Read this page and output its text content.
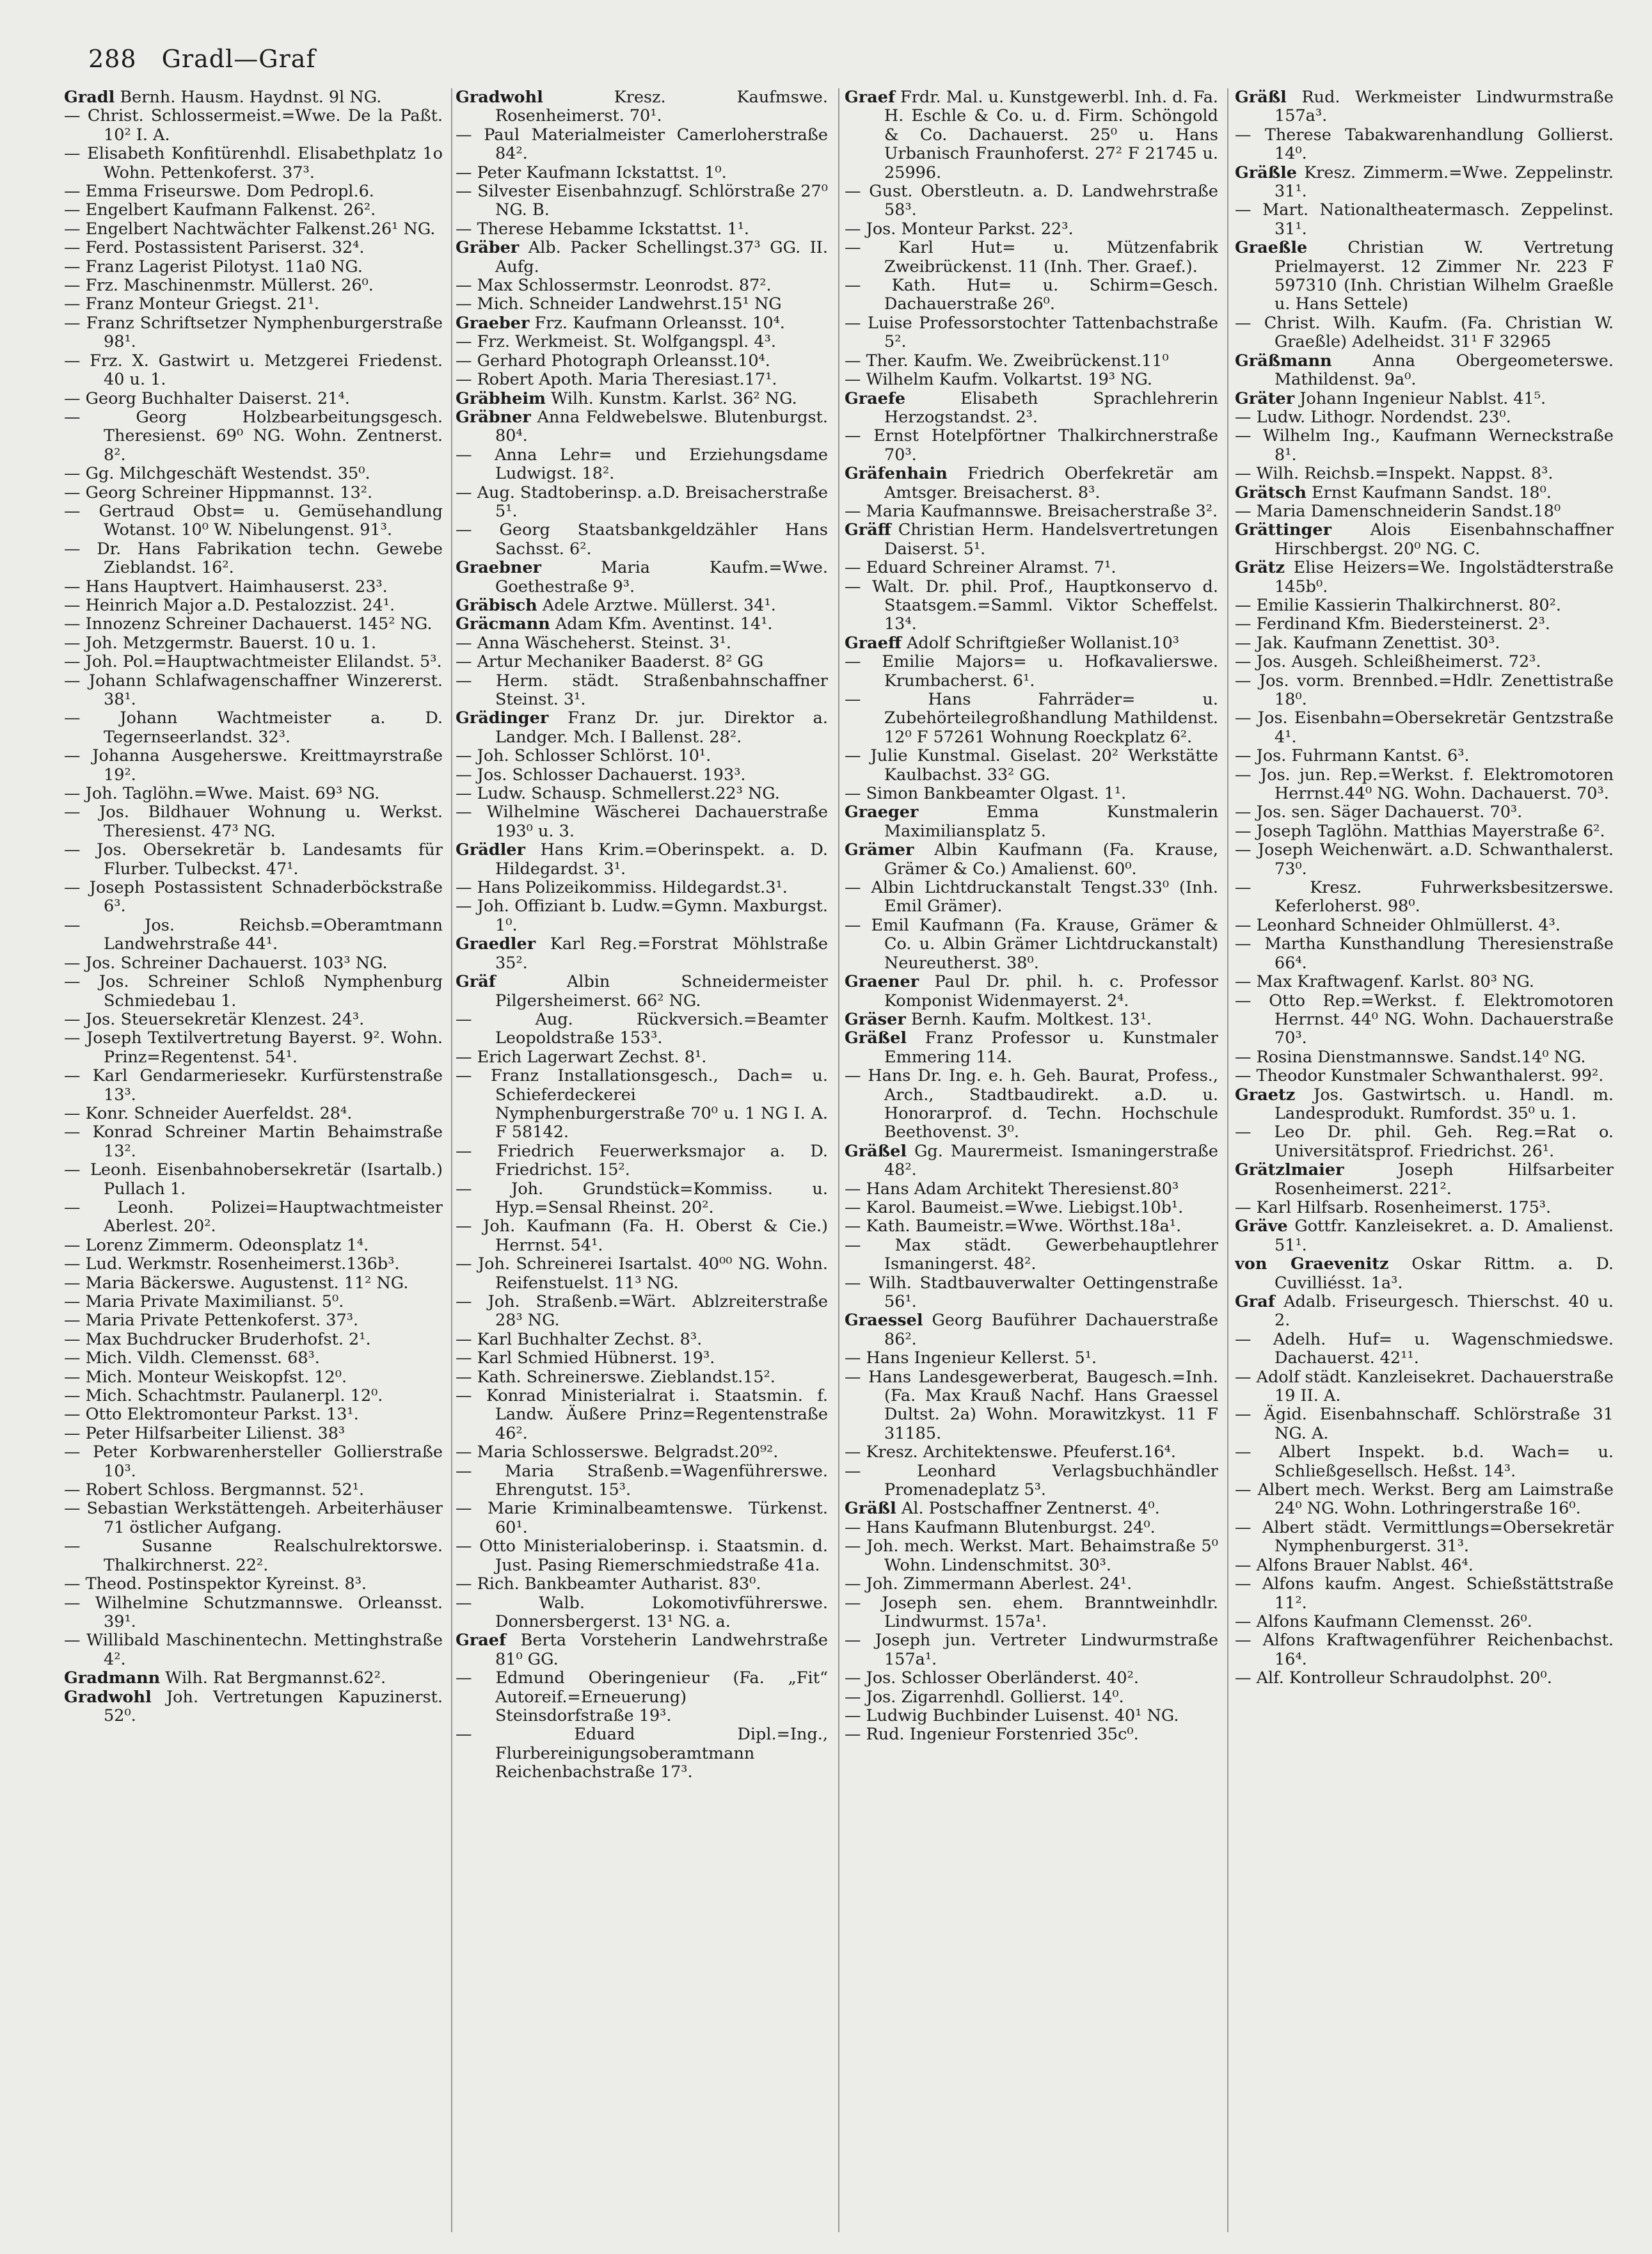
288 Gradl—Graf
Gradl Bernh. Hausm. Haydnst. 9l NG.
— Christ. Schlossermeist.=Wwe. De la Paßt. 10² I. A.
— Elisabeth Konfitürenhdl. Elisabethplatz 1o Wohn. Pettenkoferst. 37³.
— Emma Friseurswe. Dom Pedropl.6.
— Engelbert Kaufmann Falkenst. 26².
— Engelbert Nachtwächter Falkenst.26¹ NG.
— Ferd. Postassistent Pariserst. 32⁴.
— Franz Lagerist Pilotyst. 11a0 NG.
— Frz. Maschinenmstr. Müllerst. 26⁰.
— Franz Monteur Griegst. 21¹.
— Franz Schriftsetzer Nymphenburgerstraße 98¹.
— Frz. X. Gastwirt u. Metzgerei Friedenst. 40 u. 1.
— Georg Buchhalter Daiserst. 21⁴.
— Georg Holzbearbeitungsgesch. Theresienst. 69⁰ NG. Wohn. Zentnerst. 8².
— Gg. Milchgeschäft Westendst. 35⁰.
— Georg Schreiner Hippmannst. 13².
— Gertraud Obst= u. Gemüsehandlung Wotanst. 10⁰ W. Nibelungenst. 91³.
— Dr. Hans Fabrikation techn. Gewebe Zieblandst. 16².
— Hans Hauptvert. Haimhauserst. 23³.
— Heinrich Major a.D. Pestalozzist. 24¹.
— Innozenz Schreiner Dachauerst. 145² NG.
— Joh. Metzgermstr. Bauerst. 10 u. 1.
— Joh. Pol.=Hauptwachtmeister Elilandst. 5³.
— Johann Schlafwagenschaffner Winzererst. 38¹.
— Johann Wachtmeister a. D. Tegernseerlandst. 32³.
— Johanna Ausgeherswe. Kreittmayrstraße 19².
— Joh. Taglöhn.=Wwe. Maist. 69³ NG.
— Jos. Bildhauer Wohnung u. Werkst. Theresienst. 47³ NG.
— Jos. Obersekretär b. Landesamts für Flurber. Tulbeckst. 47¹.
— Joseph Postassistent Schnaderböckstraße 6³.
— Jos. Reichsb.=Oberamtmann Landwehrstraße 44¹.
— Jos. Schreiner Dachauerst. 103³ NG.
— Jos. Schreiner Schloß Nymphenburg Schmiedebau 1.
— Jos. Steuersekretär Klenzest. 24³.
— Joseph Textilvertretung Bayerst. 9². Wohn. Prinz=Regentenst. 54¹.
— Karl Gendarmeriesekr. Kurfürstenstraße 13³.
— Konr. Schneider Auerfeldst. 28⁴.
— Konrad Schreiner Martin Behaimstraße 13².
— Leonh. Eisenbahnobersekretär (Isartalb.) Pullach 1.
— Leonh. Polizei=Hauptwachtmeister Aberlest. 20².
— Lorenz Zimmerm. Odeonsplatz 1⁴.
— Lud. Werkmstr. Rosenheimerst.136b³.
— Maria Bäckerswe. Augustenst. 11² NG.
— Maria Private Maximilianst. 5⁰.
— Maria Private Pettenkoferst. 37³.
— Max Buchdrucker Bruderhofst. 2¹.
— Mich. Vildh. Clemensst. 68³.
— Mich. Monteur Weiskopfst. 12⁰.
— Mich. Schachtmstr. Paulanerpl. 12⁰.
— Otto Elektromonteur Parkst. 13¹.
— Peter Hilfsarbeiter Lilienst. 38³
— Peter Korbwarenhersteller Gollierstraße 10³.
— Robert Schloss. Bergmannst. 52¹.
— Sebastian Werkstättengeh. Arbeiterhäuser 71 östlicher Aufgang.
— Susanne Realschulrektorswe. Thalkirchnerst. 22².
— Theod. Postinspektor Kyreinst. 8³.
— Wilhelmine Schutzmannswe. Orleansst. 39¹.
— Willibald Maschinentechn. Mettinghstraße 4².
Gradmann Wilh. Rat Bergmannst.62².
Gradwohl Joh. Vertretungen Kapuzinerst. 52⁰.
Gradwohl Kresz. Kaufmswe. Rosenheimerst. 70¹.
— Paul Materialmeister Camerloherstraße 84².
— Peter Kaufmann Ickstattst. 1⁰.
— Silvester Eisenbahnzugf. Schlörstraße 27⁰ NG. B.
— Therese Hebamme Ickstattst. 1¹.
Gräber Alb. Packer Schellingst.37³ GG. II. Aufg.
— Max Schlossermstr. Leonrodst. 87².
— Mich. Schneider Landwehrst.15¹ NG
Graeber Frz. Kaufmann Orleansst. 10⁴.
— Frz. Werkmeist. St. Wolfgangspl. 4³.
— Gerhard Photograph Orleansst.10⁴.
— Robert Apoth. Maria Theresiast.17¹.
Gräbheim Wilh. Kunstm. Karlst. 36² NG.
Gräbner Anna Feldwebelswe. Blutenburgst. 80⁴.
— Anna Lehr= und Erziehungsdame Ludwigst. 18².
— Aug. Stadtoberinsp. a.D. Breisacherstraße 5¹.
— Georg Staatsbankgeldzähler Hans Sachsst. 6².
Graebner Maria Kaufm.=Wwe. Goethestraße 9³.
Gräbisch Adele Arztwe. Müllerst. 34¹.
Gräcmann Adam Kfm. Aventinst. 14¹.
— Anna Wäscheherst. Steinst. 3¹.
— Artur Mechaniker Baaderst. 8² GG
— Herm. städt. Straßenbahnschaffner Steinst. 3¹.
Grädinger Franz Dr. jur. Direktor a. Landger. Mch. I Ballenst. 28².
— Joh. Schlosser Schlörst. 10¹.
— Jos. Schlosser Dachauerst. 193³.
— Ludw. Schausp. Schmellerst.22³ NG.
— Wilhelmine Wäscherei Dachauerstraße 193⁰ u. 3.
Grädler Hans Krim.=Oberinspekt. a. D. Hildegardst. 3¹.
— Hans Polizeikommiss. Hildegardst.3¹.
— Joh. Offiziant b. Ludw.=Gymn. Maxburgst. 1⁰.
Graedler Karl Reg.=Forstrat Möhlstraße 35².
Gräf Albin Schneidermeister Pilgersheimerst. 66² NG.
— Aug. Rückversich.=Beamter Leopoldstraße 153³.
— Erich Lagerwart Zechst. 8¹.
— Franz Installationsgesch., Dach= u. Schieferdeckerei Nymphenburgerstraße 70⁰ u. 1 NG I. A. F 58142.
— Friedrich Feuerwerksmajor a. D. Friedrichst. 15².
— Joh. Grundstück=Kommiss. u. Hyp.=Sensal Rheinst. 20².
— Joh. Kaufmann (Fa. H. Oberst & Cie.) Herrnst. 54¹.
— Joh. Schreinerei Isartalst. 40⁰⁰ NG. Wohn. Reifenstuelst. 11³ NG.
— Joh. Straßenb.=Wärt. Ablzreiterstraße 28³ NG.
— Karl Buchhalter Zechst. 8³.
— Karl Schmied Hübnerst. 19³.
— Kath. Schreinerswe. Zieblandst.15².
— Konrad Ministerialrat i. Staatsmin. f. Landw. Äußere Prinz=Regentenstraße 46².
— Maria Schlosserswe. Belgradst.20⁹².
— Maria Straßenb.=Wagenführerswe. Ehrengutst. 15³.
— Marie Kriminalbeamtenswe. Türkenst. 60¹.
— Otto Ministerialoberinsp. i. Staatsmin. d. Just. Pasing Riemerschmiedstraße 41a.
— Rich. Bankbeamter Autharist. 83⁰.
— Walb. Lokomotivführerswe. Donnersbergerst. 13¹ NG. a.
Graef Berta Vorsteherin Landwehrstraße 81⁰ GG.
— Edmund Oberingenieur (Fa. „Fit“ Autoreif.=Erneuerung) Steinsdorfstraße 19³.
— Eduard Dipl.=Ing., Flurbereinigungsoberamtmann Reichenbachstraße 17³.
Graef Frdr. Mal. u. Kunstgewerbl. Inh. d. Fa. H. Eschle & Co. u. d. Firm. Schöngold & Co. Dachauerst. 25⁰ u. Hans Urbanisch Fraunhoferst. 27² F 21745 u. 25996.
— Gust. Oberstleutn. a. D. Landwehrstraße 58³.
— Jos. Monteur Parkst. 22³.
— Karl Hut= u. Mützenfabrik Zweibrückenst. 11 (Inh. Ther. Graef.).
— Kath. Hut= u. Schirm=Gesch. Dachauerstraße 26⁰.
— Luise Professorstochter Tattenbachstraße 5².
— Ther. Kaufm. We. Zweibrückenst.11⁰
— Wilhelm Kaufm. Volkartst. 19³ NG.
Graefe Elisabeth Sprachlehrerin Herzogstandst. 2³.
— Ernst Hotelpförtner Thalkirchnerstraße 70³.
Gräfenhain Friedrich Oberfekretär am Amtsger. Breisacherst. 8³.
— Maria Kaufmannswe. Breisacherstraße 3².
Gräff Christian Herm. Handelsvertretungen Daiserst. 5¹.
— Eduard Schreiner Alramst. 7¹.
— Walt. Dr. phil. Prof., Hauptkonservo d. Staatsgem.=Samml. Viktor Scheffelst. 13⁴.
Graeff Adolf Schriftgießer Wollanist.10³
— Emilie Majors= u. Hofkavalierswe. Krumbacherst. 6¹.
— Hans Fahrräder= u. Zubehörteilegroßhandlung Mathildenst. 12⁰ F 57261 Wohnung Roeckplatz 6².
— Julie Kunstmal. Giselast. 20² Werkstätte Kaulbachst. 33² GG.
— Simon Bankbeamter Olgast. 1¹.
Graeger Emma Kunstmalerin Maximiliansplatz 5.
Grämer Albin Kaufmann (Fa. Krause, Grämer & Co.) Amalienst. 60⁰.
— Albin Lichtdruckanstalt Tengst.33⁰ (Inh. Emil Grämer).
— Emil Kaufmann (Fa. Krause, Grämer & Co. u. Albin Grämer Lichtdruckanstalt) Neureutherst. 38⁰.
Graener Paul Dr. phil. h. c. Professor Komponist Widenmayerst. 2⁴.
Gräser Bernh. Kaufm. Moltkest. 13¹.
Gräßel Franz Professor u. Kunstmaler Emmering 114.
— Hans Dr. Ing. e. h. Geh. Baurat, Profess., Arch., Stadtbaudirekt. a.D. u. Honorarprof. d. Techn. Hochschule Beethovenst. 3⁰.
Gräßel Gg. Maurermeist. Ismaningerstraße 48².
— Hans Adam Architekt Theresienst.80³
— Karol. Baumeist.=Wwe. Liebigst.10b¹.
— Kath. Baumeistr.=Wwe. Wörthst.18a¹.
— Max städt. Gewerbehauptlehrer Ismaningerst. 48².
— Wilh. Stadtbauverwalter Oettingenstraße 56¹.
Graessel Georg Bauführer Dachauerstraße 86².
— Hans Ingenieur Kellerst. 5¹.
— Hans Landesgewerberat, Baugesch.=Inh. (Fa. Max Krauß Nachf. Hans Graessel Dultst. 2a) Wohn. Morawitzkyst. 11 F 31185.
— Kresz. Architektenswe. Pfeuferst.16⁴.
— Leonhard Verlagsbuchhändler Promenadeplatz 5³.
Gräßl Al. Postschaffner Zentnerst. 4⁰.
— Hans Kaufmann Blutenburgst. 24⁰.
— Joh. mech. Werkst. Mart. Behaimstraße 5⁰ Wohn. Lindenschmitst. 30³.
— Joh. Zimmermann Aberlest. 24¹.
— Joseph sen. ehem. Branntweinhdlr. Lindwurmst. 157a¹.
— Joseph jun. Vertreter Lindwurmstraße 157a¹.
— Jos. Schlosser Oberländerst. 40².
— Jos. Zigarrenhdl. Gollierst. 14⁰.
— Ludwig Buchbinder Luisenst. 40¹ NG.
— Rud. Ingenieur Forstenried 35c⁰.
Gräßl Rud. Werkmeister Lindwurmstraße 157a³.
— Therese Tabakwarenhandlung Gollierst. 14⁰.
Gräßle Kresz. Zimmerm.=Wwe. Zeppelinstr. 31¹.
— Mart. Nationaltheatermasch. Zeppelinst. 31¹.
Graeßle Christian W. Vertretung Prielmayerst. 12 Zimmer Nr. 223 F 597310 (Inh. Christian Wilhelm Graeßle u. Hans Settele)
— Christ. Wilh. Kaufm. (Fa. Christian W. Graeßle) Adelheidst. 31¹ F 32965
Gräßmann Anna Obergeometerswe. Mathildenst. 9a⁰.
Gräter Johann Ingenieur Nablst. 41⁵.
— Ludw. Lithogr. Nordendst. 23⁰.
— Wilhelm Ing., Kaufmann Werneckstraße 8¹.
— Wilh. Reichsb.=Inspekt. Nappst. 8³.
Grätsch Ernst Kaufmann Sandst. 18⁰.
— Maria Damenschneiderin Sandst.18⁰
Grättinger Alois Eisenbahnschaffner Hirschbergst. 20⁰ NG. C.
Grätz Elise Heizers=We. Ingolstädterstraße 145b⁰.
— Emilie Kassierin Thalkirchnerst. 80².
— Ferdinand Kfm. Biedersteinerst. 2³.
— Jak. Kaufmann Zenettist. 30³.
— Jos. Ausgeh. Schleißheimerst. 72³.
— Jos. vorm. Brennbed.=Hdlr. Zenettistraße 18⁰.
— Jos. Eisenbahn=Obersekretär Gentzstraße 4¹.
— Jos. Fuhrmann Kantst. 6³.
— Jos. jun. Rep.=Werkst. f. Elektromotoren Herrnst.44⁰ NG. Wohn. Dachauerst. 70³.
— Jos. sen. Säger Dachauerst. 70³.
— Joseph Taglöhn. Matthias Mayerstraße 6².
— Joseph Weichenwärt. a.D. Schwanthalerst. 73⁰.
— Kresz. Fuhrwerksbesitzerswe. Keferloherst. 98⁰.
— Leonhard Schneider Ohlmüllerst. 4³.
— Martha Kunsthandlung Theresienstraße 66⁴.
— Max Kraftwagenf. Karlst. 80³ NG.
— Otto Rep.=Werkst. f. Elektromotoren Herrnst. 44⁰ NG. Wohn. Dachauerstraße 70³.
— Rosina Dienstmannswe. Sandst.14⁰ NG.
— Theodor Kunstmaler Schwanthalerst. 99².
Graetz Jos. Gastwirtsch. u. Handl. m. Landesprodukt. Rumfordst. 35⁰ u. 1.
— Leo Dr. phil. Geh. Reg.=Rat o. Universitätsprof. Friedrichst. 26¹.
Grätzlmaier Joseph Hilfsarbeiter Rosenheimerst. 221².
— Karl Hilfsarb. Rosenheimerst. 175³.
Gräve Gottfr. Kanzleisekret. a. D. Amalienst. 51¹.
von Graevenitz Oskar Rittm. a. D. Cuvilliésst. 1a³.
Graf Adalb. Friseurgesch. Thierschst. 40 u. 2.
— Adelh. Huf= u. Wagenschmiedswe. Dachauerst. 42¹¹.
— Adolf städt. Kanzleisekret. Dachauerstraße 19 II. A.
— Ägid. Eisenbahnschaff. Schlörstraße 31 NG. A.
— Albert Inspekt. b.d. Wach= u. Schließgesellsch. Heßst. 14³.
— Albert mech. Werkst. Berg am Laimstraße 24⁰ NG. Wohn. Lothringerstraße 16⁰.
— Albert städt. Vermittlungs=Obersekretär Nymphenburgerst. 31³.
— Alfons Brauer Nablst. 46⁴.
— Alfons kaufm. Angest. Schießstättstraße 11².
— Alfons Kaufmann Clemensst. 26⁰.
— Alfons Kraftwagenführer Reichenbachst. 16⁴.
— Alf. Kontrolleur Schraudolphst. 20⁰.
